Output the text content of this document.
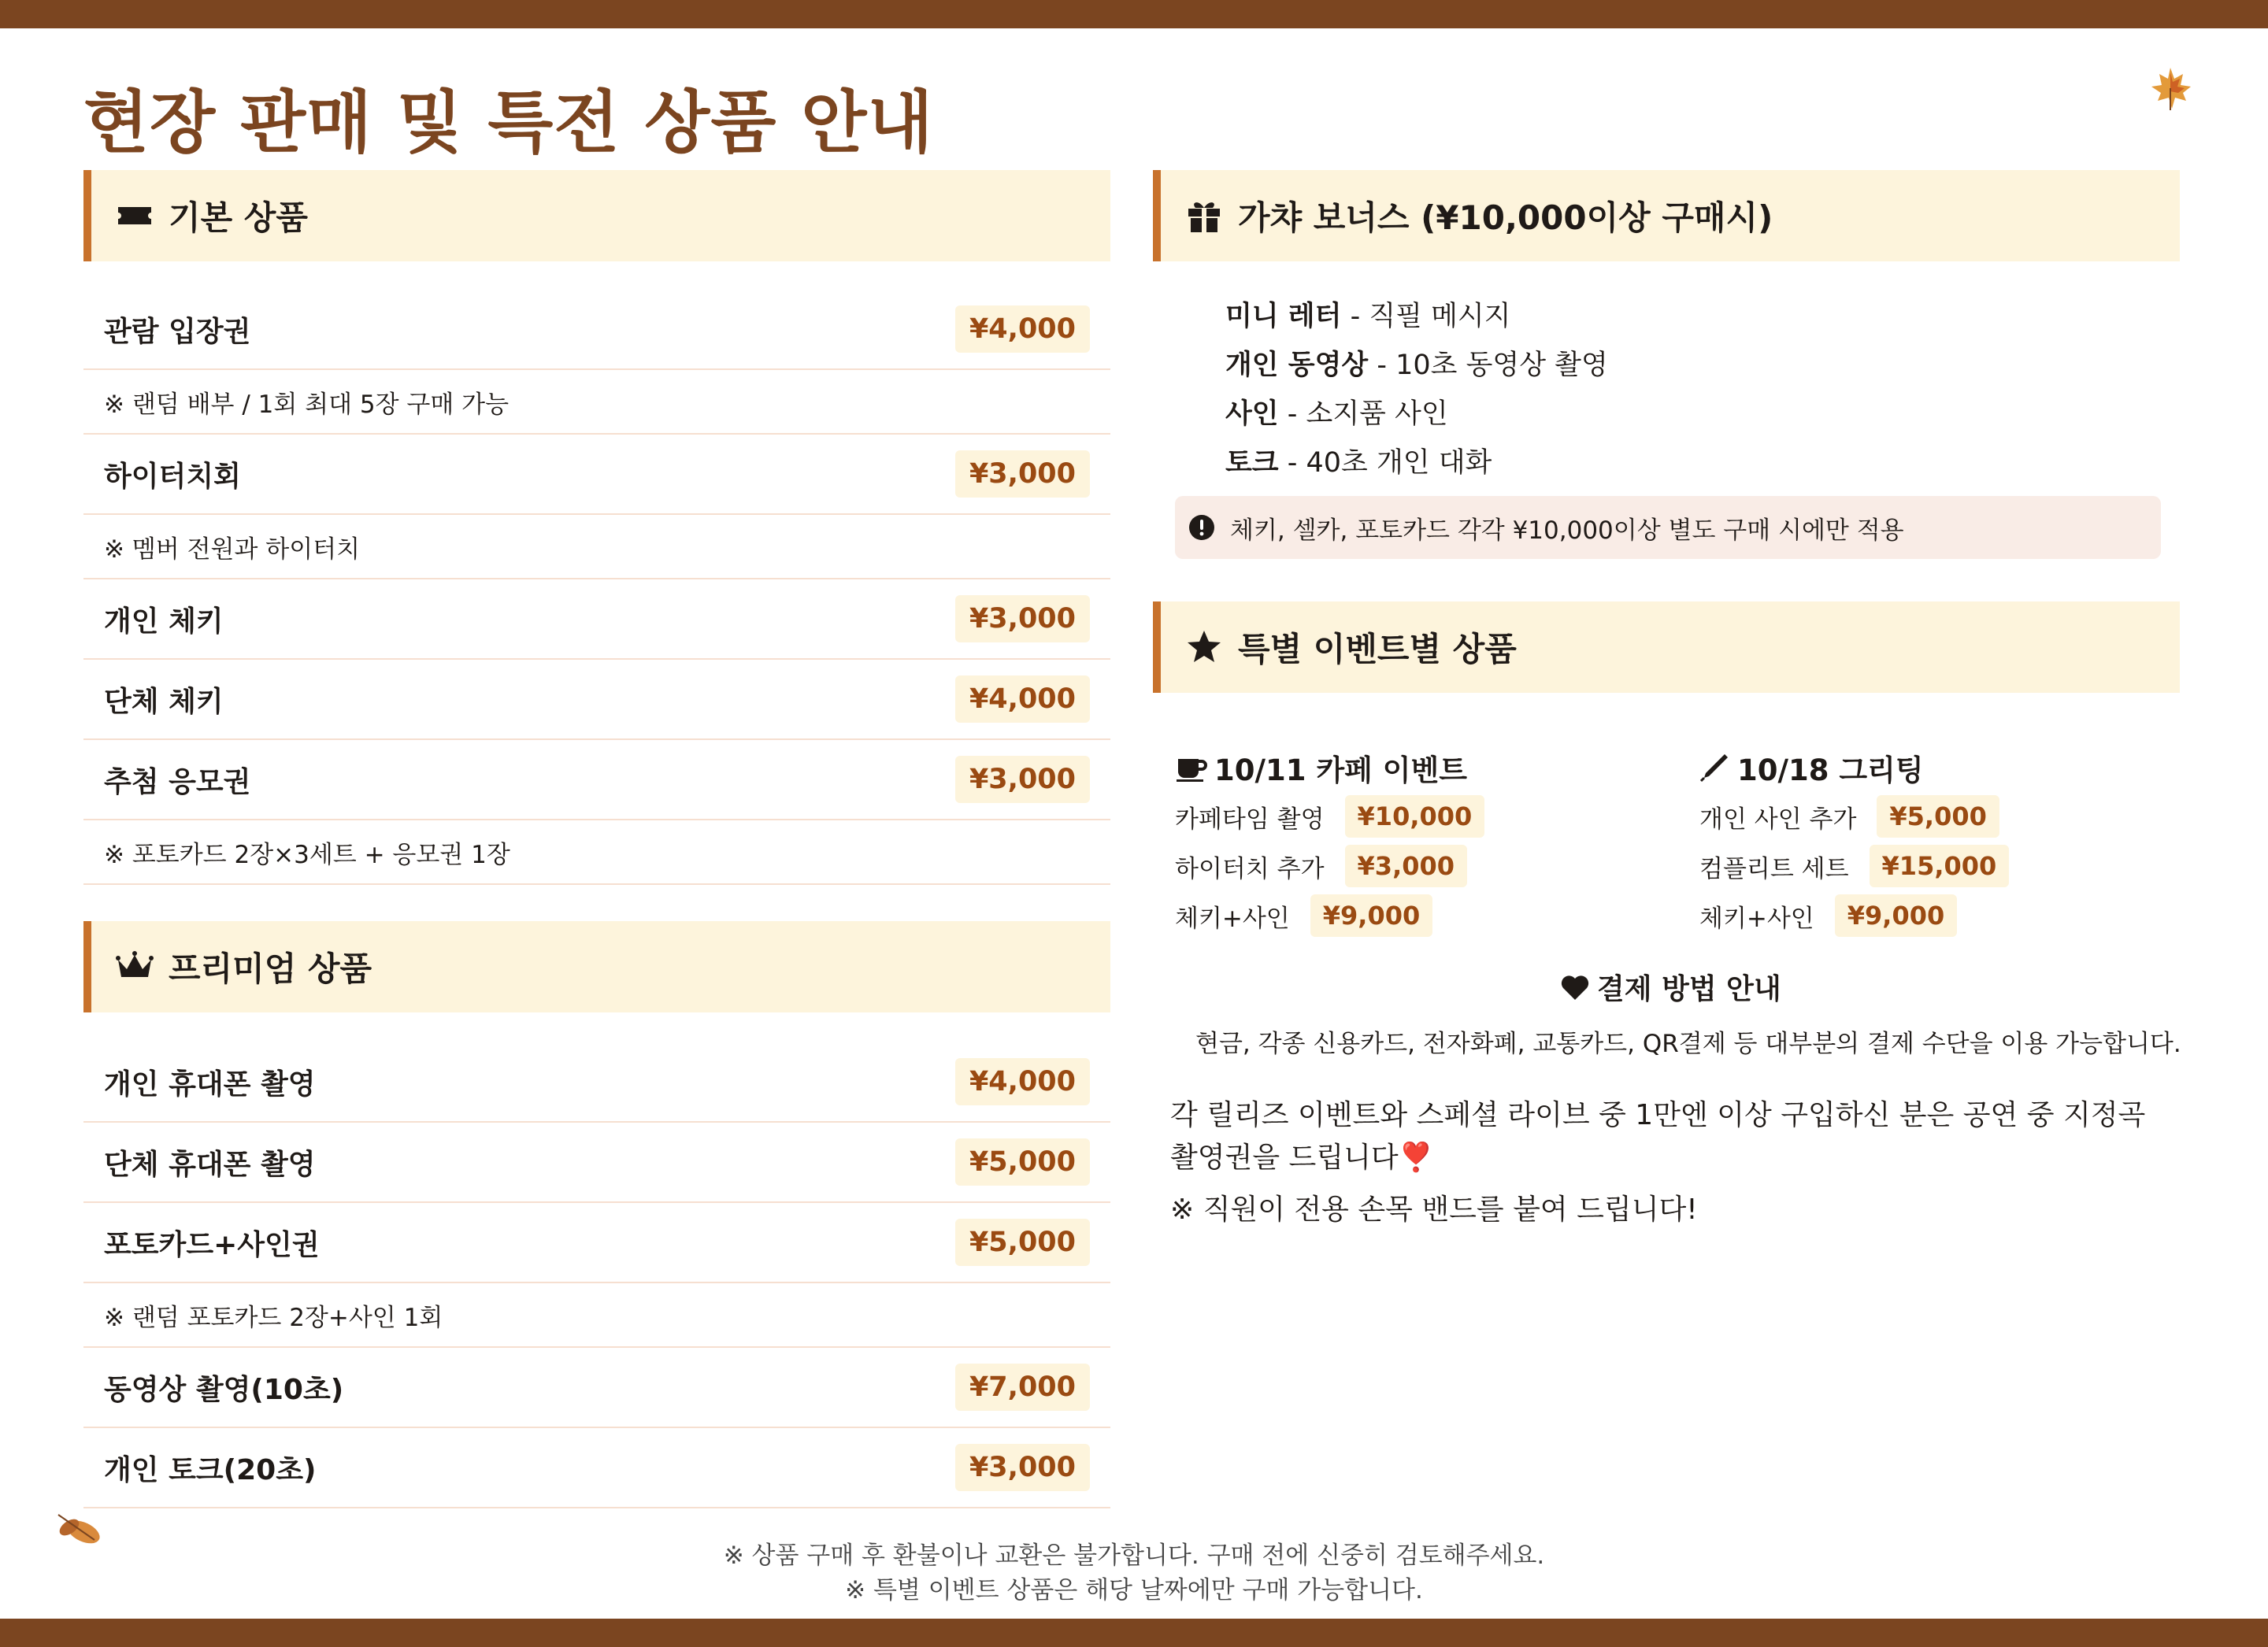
현장 판매 및 특전 상품 안내
기본 상품
관람 입장권	¥4,000
※ 랜덤 배부 / 1회 최대 5장 구매 가능
하이터치회	¥3,000
※ 멤버 전원과 하이터치
개인 체키	¥3,000
단체 체키	¥4,000
추첨 응모권	¥3,000
※ 포토카드 2장×3세트 + 응모권 1장
프리미엄 상품
개인 휴대폰 촬영	¥4,000
단체 휴대폰 촬영	¥5,000
포토카드+사인권	¥5,000
※ 랜덤 포토카드 2장+사인 1회
동영상 촬영(10초)	¥7,000
개인 토크(20초)	¥3,000
가챠 보너스 (¥10,000이상 구매시)
미니 레터 - 직필 메시지
개인 동영상 - 10초 동영상 촬영
사인 - 소지품 사인
토크 - 40초 개인 대화
체키, 셀카, 포토카드 각각 ¥10,000이상 별도 구매 시에만 적용
특별 이벤트별 상품
10/11 카페 이벤트
카페타임 촬영	¥10,000
하이터치 추가	¥3,000
체키+사인	¥9,000
10/18 그리팅
개인 사인 추가	¥5,000
컴플리트 세트	¥15,000
체키+사인	¥9,000
결제 방법 안내
현금, 각종 신용카드, 전자화폐, 교통카드, QR결제 등 대부분의 결제 수단을 이용 가능합니다.
각 릴리즈 이벤트와 스페셜 라이브 중 1만엔 이상 구입하신 분은 공연 중 지정곡 촬영권을 드립니다❣️
※ 직원이 전용 손목 밴드를 붙여 드립니다!
※ 상품 구매 후 환불이나 교환은 불가합니다. 구매 전에 신중히 검토해주세요.
※ 특별 이벤트 상품은 해당 날짜에만 구매 가능합니다.
